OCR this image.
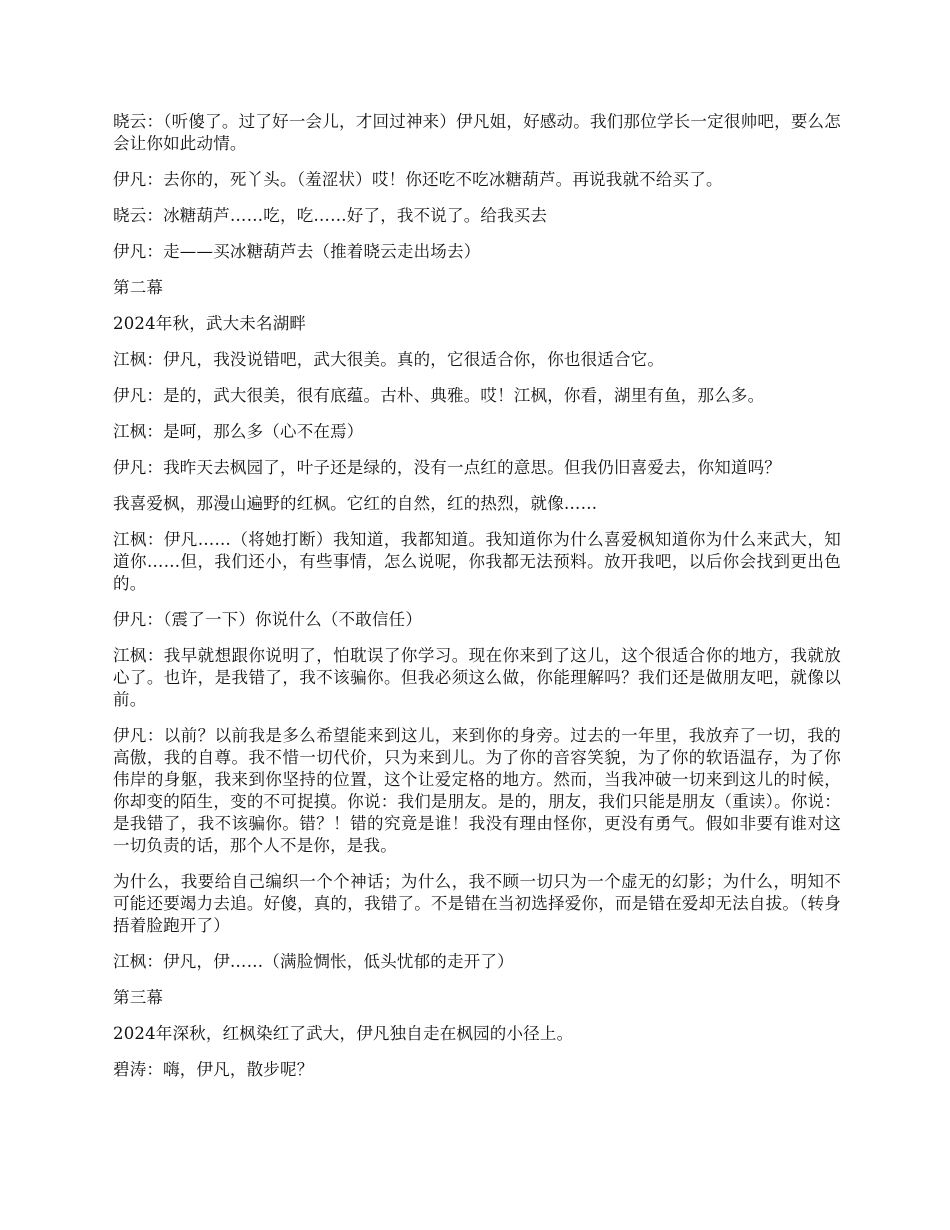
晓云：（听傻了。过了好一会儿，才回过神来）伊凡姐，好感动。我们那位学长一定很帅吧，要么怎会让你如此动情。

伊凡：去你的，死丫头。（羞涩状）哎！你还吃不吃冰糖葫芦。再说我就不给买了。

晓云：冰糖葫芦……吃，吃……好了，我不说了。给我买去

伊凡：走——买冰糖葫芦去（推着晓云走出场去）

第二幕

2024年秋，武大未名湖畔

江枫：伊凡，我没说错吧，武大很美。真的，它很适合你，你也很适合它。

伊凡：是的，武大很美，很有底蕴。古朴、典雅。哎！江枫，你看，湖里有鱼，那么多。

江枫：是呵，那么多（心不在焉）

伊凡：我昨天去枫园了，叶子还是绿的，没有一点红的意思。但我仍旧喜爱去，你知道吗？

我喜爱枫，那漫山遍野的红枫。它红的自然，红的热烈，就像……

江枫：伊凡……（将她打断）我知道，我都知道。我知道你为什么喜爱枫知道你为什么来武大，知道你……但，我们还小，有些事情，怎么说呢，你我都无法预料。放开我吧，以后你会找到更出色的。

伊凡：（震了一下）你说什么（不敢信任）

江枫：我早就想跟你说明了，怕耽误了你学习。现在你来到了这儿，这个很适合你的地方，我就放心了。也许，是我错了，我不该骗你。但我必须这么做，你能理解吗？我们还是做朋友吧，就像以前。

伊凡：以前？以前我是多么希望能来到这儿，来到你的身旁。过去的一年里，我放弃了一切，我的高傲，我的自尊。我不惜一切代价，只为来到儿。为了你的音容笑貌，为了你的软语温存，为了你伟岸的身躯，我来到你坚持的位置，这个让爱定格的地方。然而，当我冲破一切来到这儿的时候，你却变的陌生，变的不可捉摸。你说：我们是朋友。是的，朋友，我们只能是朋友（重读）。你说：是我错了，我不该骗你。错？！错的究竟是谁！我没有理由怪你，更没有勇气。假如非要有谁对这一切负责的话，那个人不是你，是我。

为什么，我要给自己编织一个个神话；为什么，我不顾一切只为一个虚无的幻影；为什么，明知不可能还要竭力去追。好傻，真的，我错了。不是错在当初选择爱你，而是错在爱却无法自拔。（转身捂着脸跑开了）

江枫：伊凡，伊……（满脸惆怅，低头忧郁的走开了）

第三幕

2024年深秋，红枫染红了武大，伊凡独自走在枫园的小径上。

碧涛：嗨，伊凡，散步呢？
